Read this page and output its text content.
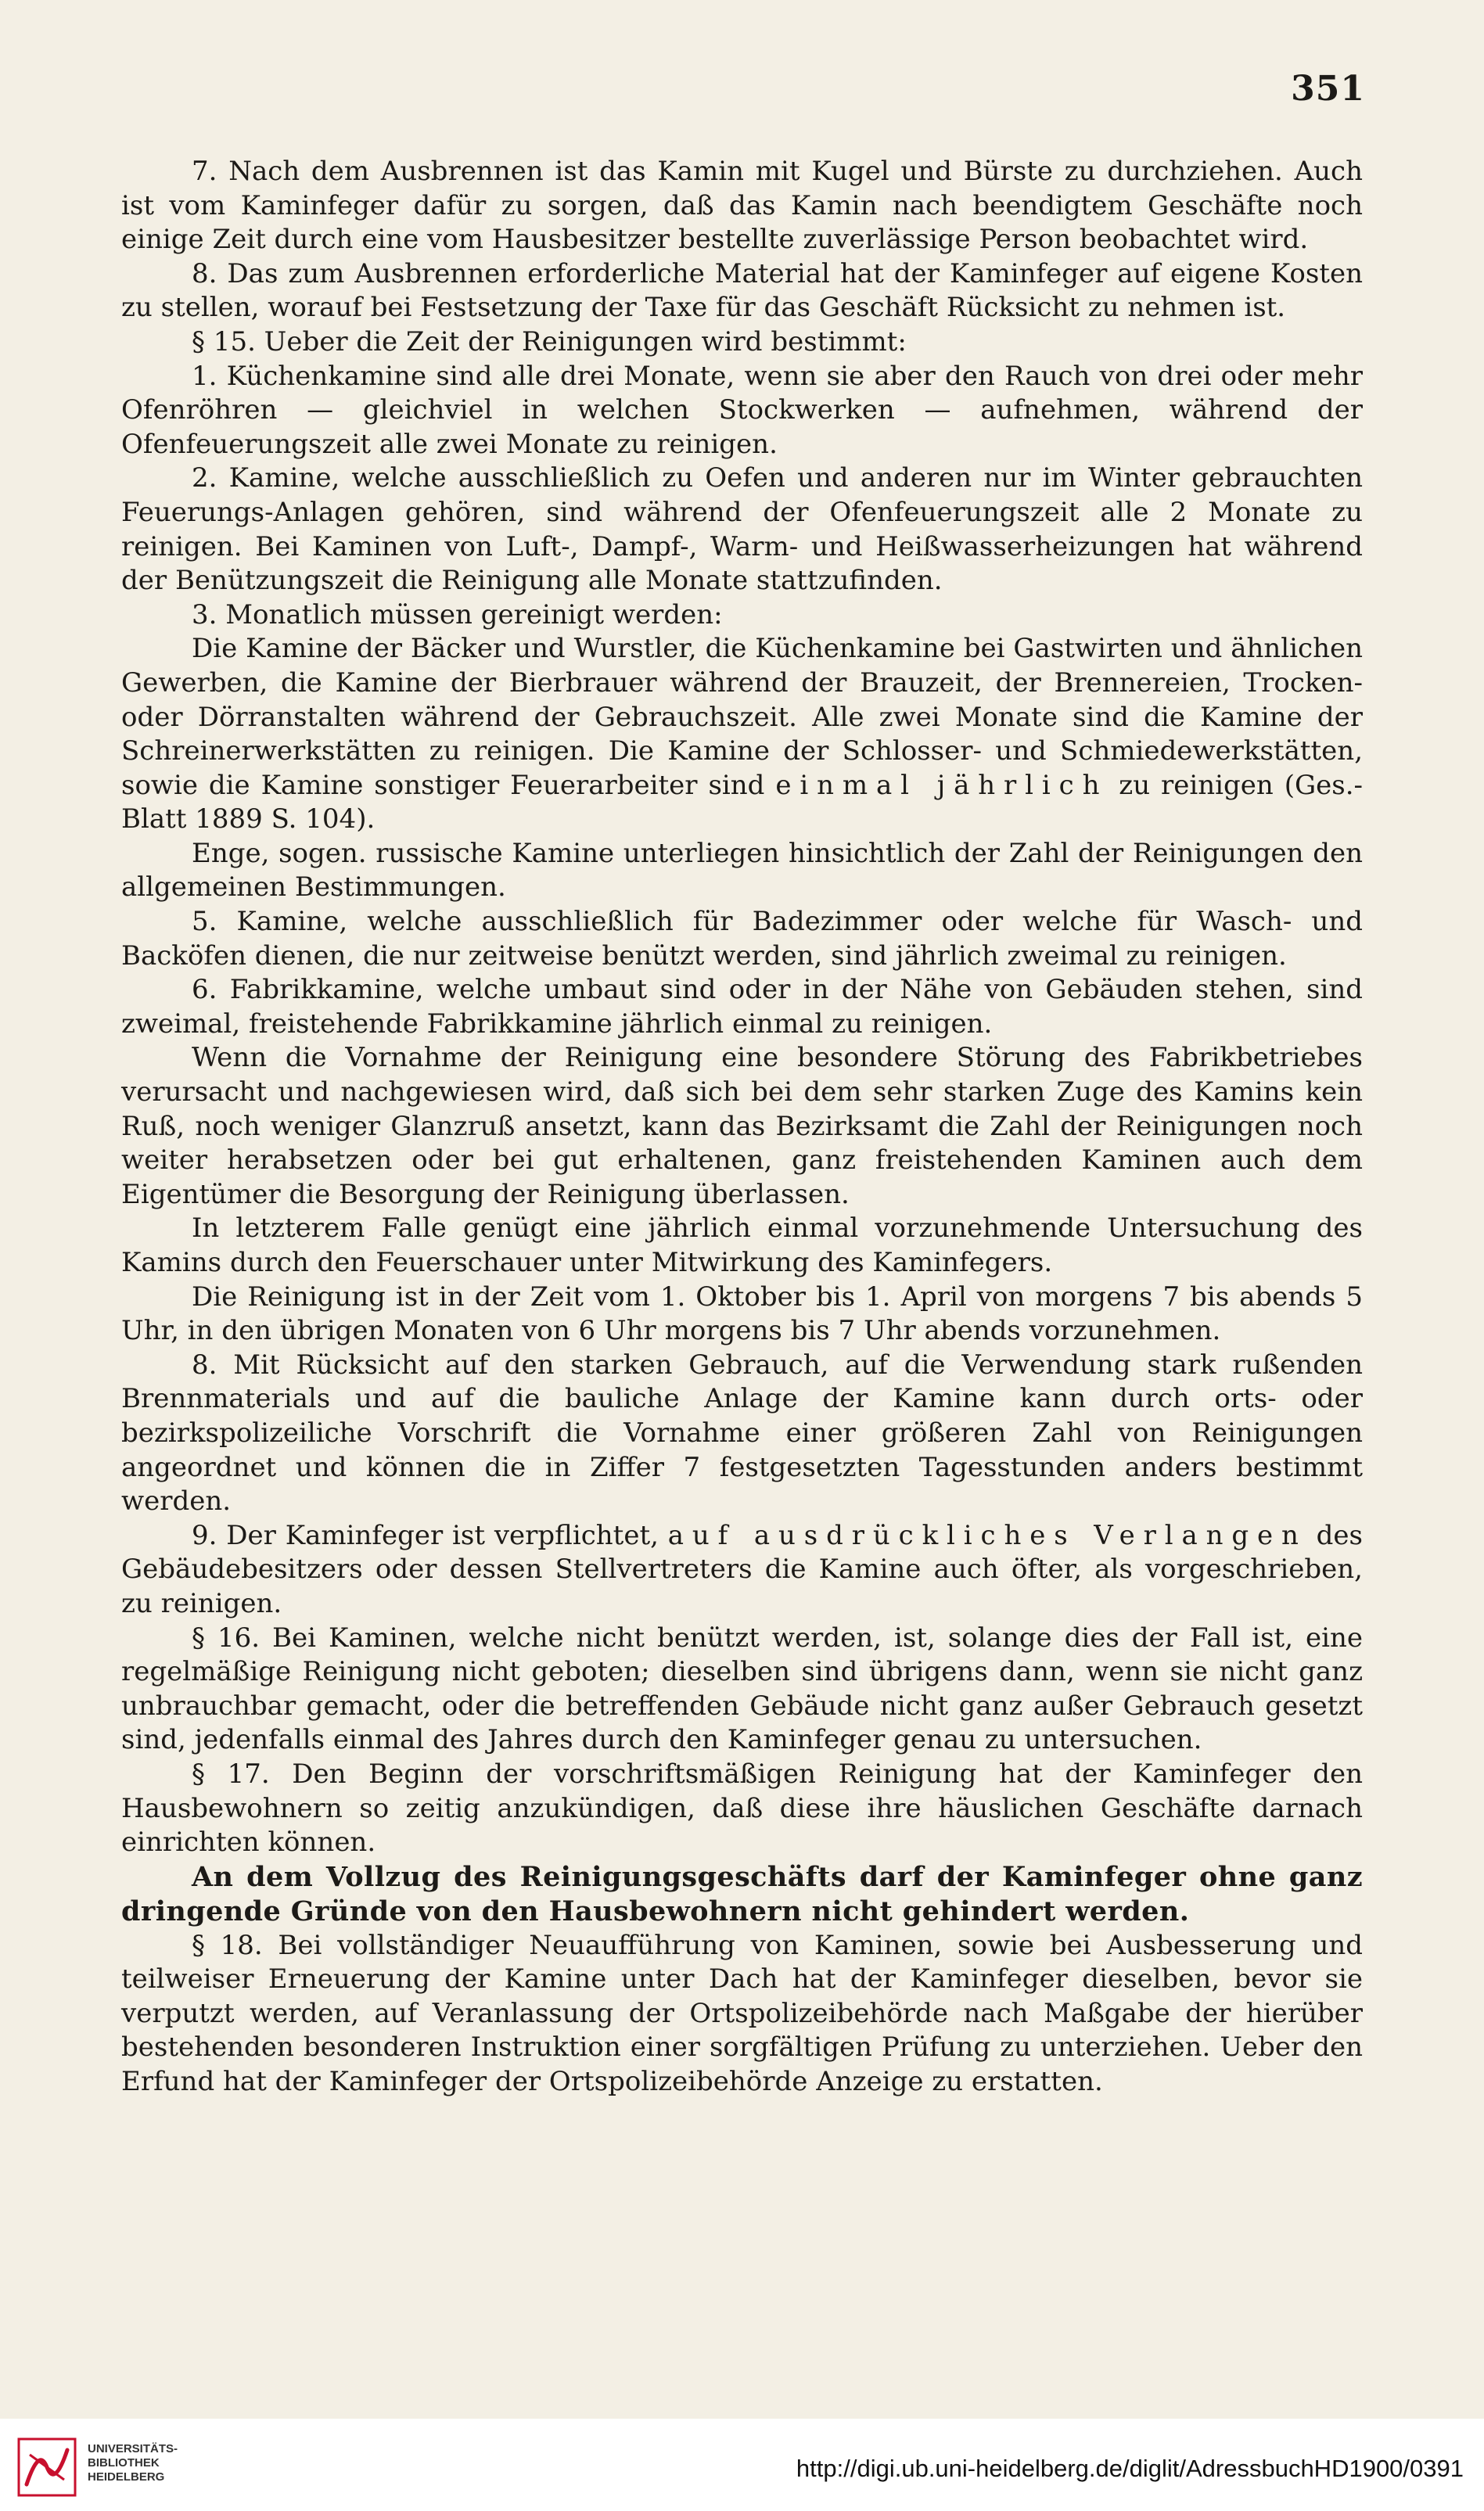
351

7. Nach dem Ausbrennen ist das Kamin mit Kugel und Bürste zu durchziehen. Auch ist vom Kaminfeger dafür zu sorgen, daß das Kamin nach beendigtem Geschäfte noch einige Zeit durch eine vom Hausbesitzer bestellte zuverlässige Person beobachtet wird.

8. Das zum Ausbrennen erforderliche Material hat der Kaminfeger auf eigene Kosten zu stellen, worauf bei Festsetzung der Taxe für das Geschäft Rücksicht zu nehmen ist.

§ 15. Ueber die Zeit der Reinigungen wird bestimmt:

1. Küchenkamine sind alle drei Monate, wenn sie aber den Rauch von drei oder mehr Ofenröhren — gleichviel in welchen Stockwerken — aufnehmen, während der Ofenfeuerungszeit alle zwei Monate zu reinigen.

2. Kamine, welche ausschließlich zu Oefen und anderen nur im Winter gebrauchten Feuerungs-Anlagen gehören, sind während der Ofenfeuerungszeit alle 2 Monate zu reinigen. Bei Kaminen von Luft-, Dampf-, Warm- und Heißwasserheizungen hat während der Benützungszeit die Reinigung alle Monate stattzufinden.

3. Monatlich müssen gereinigt werden:

Die Kamine der Bäcker und Wurstler, die Küchenkamine bei Gastwirten und ähnlichen Gewerben, die Kamine der Bierbrauer während der Brauzeit, der Brennereien, Trocken- oder Dörranstalten während der Gebrauchszeit. Alle zwei Monate sind die Kamine der Schreinerwerkstätten zu reinigen. Die Kamine der Schlosser- und Schmiedewerkstätten, sowie die Kamine sonstiger Feuerarbeiter sind einmal jährlich zu reinigen (Ges.-Blatt 1889 S. 104).

Enge, sogen. russische Kamine unterliegen hinsichtlich der Zahl der Reinigungen den allgemeinen Bestimmungen.

5. Kamine, welche ausschließlich für Badezimmer oder welche für Wasch- und Backöfen dienen, die nur zeitweise benützt werden, sind jährlich zweimal zu reinigen.

6. Fabrikkamine, welche umbaut sind oder in der Nähe von Gebäuden stehen, sind zweimal, freistehende Fabrikkamine jährlich einmal zu reinigen.

Wenn die Vornahme der Reinigung eine besondere Störung des Fabrikbetriebes verursacht und nachgewiesen wird, daß sich bei dem sehr starken Zuge des Kamins kein Ruß, noch weniger Glanzruß ansetzt, kann das Bezirksamt die Zahl der Reinigungen noch weiter herabsetzen oder bei gut erhaltenen, ganz freistehenden Kaminen auch dem Eigentümer die Besorgung der Reinigung überlassen.

In letzterem Falle genügt eine jährlich einmal vorzunehmende Untersuchung des Kamins durch den Feuerschauer unter Mitwirkung des Kaminfegers.

Die Reinigung ist in der Zeit vom 1. Oktober bis 1. April von morgens 7 bis abends 5 Uhr, in den übrigen Monaten von 6 Uhr morgens bis 7 Uhr abends vorzunehmen.

8. Mit Rücksicht auf den starken Gebrauch, auf die Verwendung stark rußenden Brennmaterials und auf die bauliche Anlage der Kamine kann durch orts- oder bezirkspolizeiliche Vorschrift die Vornahme einer größeren Zahl von Reinigungen angeordnet und können die in Ziffer 7 festgesetzten Tagesstunden anders bestimmt werden.

9. Der Kaminfeger ist verpflichtet, auf ausdrückliches Verlangen des Gebäudebesitzers oder dessen Stellvertreters die Kamine auch öfter, als vorgeschrieben, zu reinigen.

§ 16. Bei Kaminen, welche nicht benützt werden, ist, solange dies der Fall ist, eine regelmäßige Reinigung nicht geboten; dieselben sind übrigens dann, wenn sie nicht ganz unbrauchbar gemacht, oder die betreffenden Gebäude nicht ganz außer Gebrauch gesetzt sind, jedenfalls einmal des Jahres durch den Kaminfeger genau zu untersuchen.

§ 17. Den Beginn der vorschriftsmäßigen Reinigung hat der Kaminfeger den Hausbewohnern so zeitig anzukündigen, daß diese ihre häuslichen Geschäfte darnach einrichten können.

An dem Vollzug des Reinigungsgeschäfts darf der Kaminfeger ohne ganz dringende Gründe von den Hausbewohnern nicht gehindert werden.

§ 18. Bei vollständiger Neuaufführung von Kaminen, sowie bei Ausbesserung und teilweiser Erneuerung der Kamine unter Dach hat der Kaminfeger dieselben, bevor sie verputzt werden, auf Veranlassung der Ortspolizeibehörde nach Maßgabe der hierüber bestehenden besonderen Instruktion einer sorgfältigen Prüfung zu unterziehen. Ueber den Erfund hat der Kaminfeger der Ortspolizeibehörde Anzeige zu erstatten.

UNIVERSITÄTS-
BIBLIOTHEK
HEIDELBERG	http://digi.ub.uni-heidelberg.de/diglit/AdressbuchHD1900/0391
